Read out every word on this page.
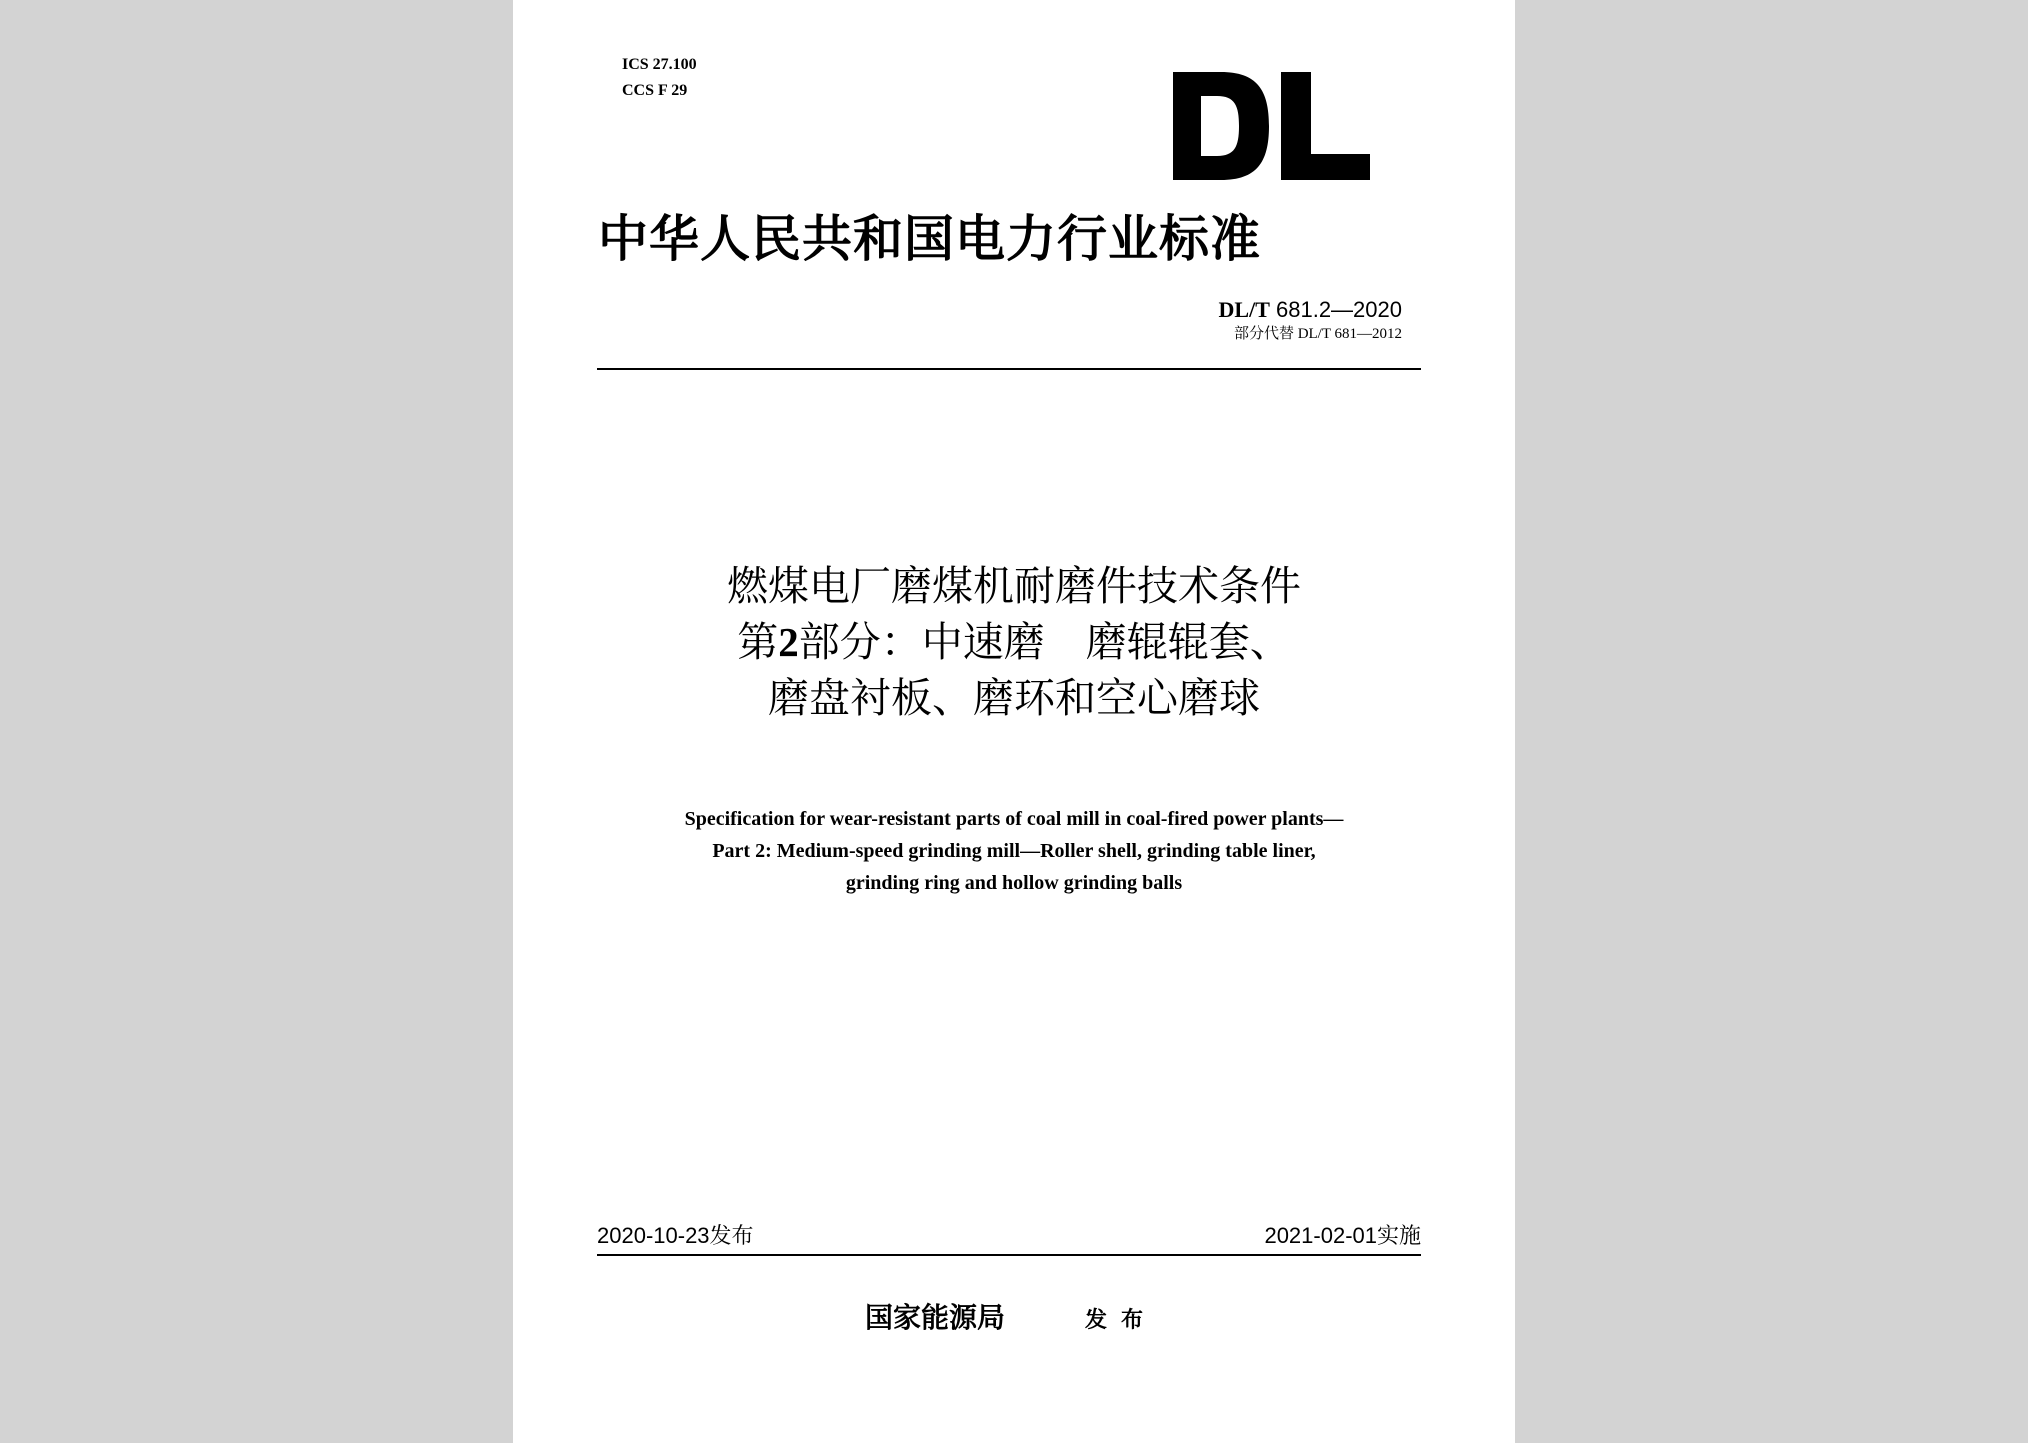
ICS 27.100
CCS F 29
中华人民共和国电力行业标准
DL/T 681.2—2020
部分代替 DL/T 681—2012
燃煤电厂磨煤机耐磨件技术条件
第2部分：中速磨　磨辊辊套、
磨盘衬板、磨环和空心磨球
Specification for wear-resistant parts of coal mill in coal-fired power plants—
Part 2: Medium-speed grinding mill—Roller shell, grinding table liner,
grinding ring and hollow grinding balls
2020-10-23发布	2021-02-01实施
国家能源局	发布
